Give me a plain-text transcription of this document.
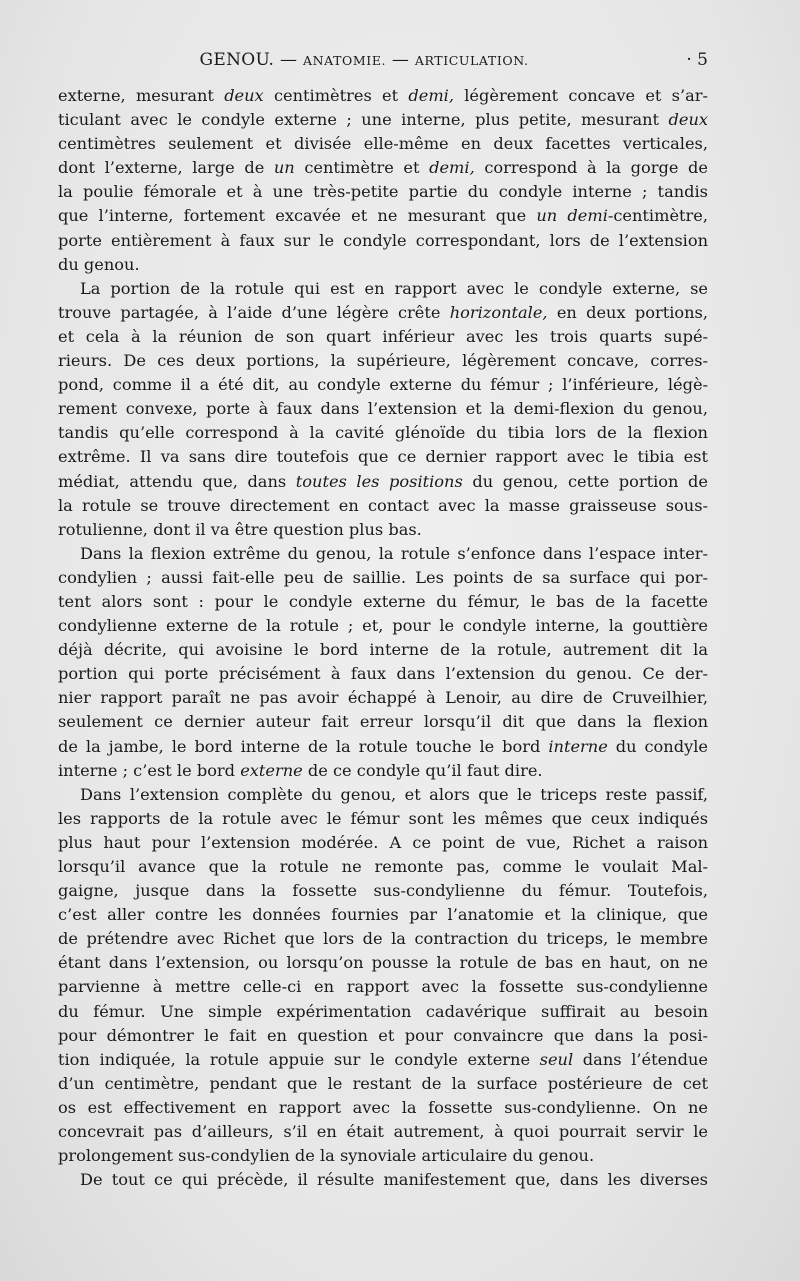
GENOU. — ANATOMIE. — ARTICULATION.	· 5
externe, mesurant deux centimètres et demi, légèrement concave et s’ar-
ticulant avec le condyle externe ; une interne, plus petite, mesurant deux
centimètres seulement et divisée elle-même en deux facettes verticales,
dont l’externe, large de un centimètre et demi, correspond à la gorge de
la poulie fémorale et à une très-petite partie du condyle interne ; tandis
que l’interne, fortement excavée et ne mesurant que un demi-centimètre,
porte entièrement à faux sur le condyle correspondant, lors de l’extension
du genou.
La portion de la rotule qui est en rapport avec le condyle externe, se
trouve partagée, à l’aide d’une légère crête horizontale, en deux portions,
et cela à la réunion de son quart inférieur avec les trois quarts supé-
rieurs. De ces deux portions, la supérieure, légèrement concave, corres-
pond, comme il a été dit, au condyle externe du fémur ; l’inférieure, légè-
rement convexe, porte à faux dans l’extension et la demi-flexion du genou,
tandis qu’elle correspond à la cavité glénoïde du tibia lors de la flexion
extrême. Il va sans dire toutefois que ce dernier rapport avec le tibia est
médiat, attendu que, dans toutes les positions du genou, cette portion de
la rotule se trouve directement en contact avec la masse graisseuse sous-
rotulienne, dont il va être question plus bas.
Dans la flexion extrême du genou, la rotule s’enfonce dans l’espace inter-
condylien ; aussi fait-elle peu de saillie. Les points de sa surface qui por-
tent alors sont : pour le condyle externe du fémur, le bas de la facette
condylienne externe de la rotule ; et, pour le condyle interne, la gouttière
déjà décrite, qui avoisine le bord interne de la rotule, autrement dit la
portion qui porte précisément à faux dans l’extension du genou. Ce der-
nier rapport paraît ne pas avoir échappé à Lenoir, au dire de Cruveilhier,
seulement ce dernier auteur fait erreur lorsqu’il dit que dans la flexion
de la jambe, le bord interne de la rotule touche le bord interne du condyle
interne ; c’est le bord externe de ce condyle qu’il faut dire.
Dans l’extension complète du genou, et alors que le triceps reste passif,
les rapports de la rotule avec le fémur sont les mêmes que ceux indiqués
plus haut pour l’extension modérée. A ce point de vue, Richet a raison
lorsqu’il avance que la rotule ne remonte pas, comme le voulait Mal-
gaigne, jusque dans la fossette sus-condylienne du fémur. Toutefois,
c’est aller contre les données fournies par l’anatomie et la clinique, que
de prétendre avec Richet que lors de la contraction du triceps, le membre
étant dans l’extension, ou lorsqu’on pousse la rotule de bas en haut, on ne
parvienne à mettre celle-ci en rapport avec la fossette sus-condylienne
du fémur. Une simple expérimentation cadavérique suffirait au besoin
pour démontrer le fait en question et pour convaincre que dans la posi-
tion indiquée, la rotule appuie sur le condyle externe seul dans l’étendue
d’un centimètre, pendant que le restant de la surface postérieure de cet
os est effectivement en rapport avec la fossette sus-condylienne. On ne
concevrait pas d’ailleurs, s’il en était autrement, à quoi pourrait servir le
prolongement sus-condylien de la synoviale articulaire du genou.
De tout ce qui précède, il résulte manifestement que, dans les diverses
